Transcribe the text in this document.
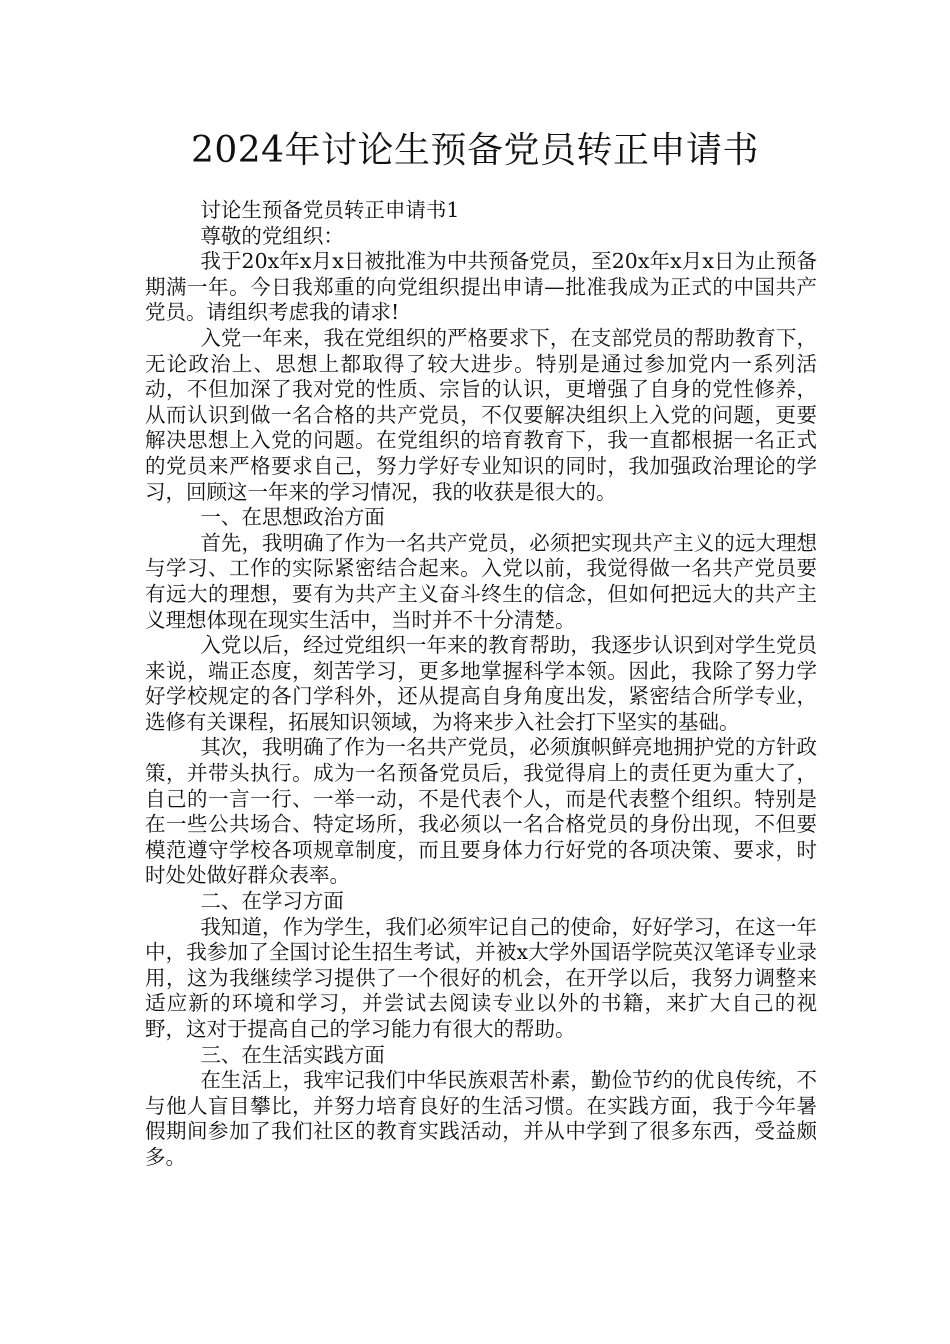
2024年讨论生预备党员转正申请书

讨论生预备党员转正申请书1

尊敬的党组织：

我于20x年x月x日被批准为中共预备党员，至20x年x月x日为止预备期满一年。今日我郑重的向党组织提出申请—批准我成为正式的中国共产党员。请组织考虑我的请求!

入党一年来，我在党组织的严格要求下，在支部党员的帮助教育下，无论政治上、思想上都取得了较大进步。特别是通过参加党内一系列活动，不但加深了我对党的性质、宗旨的认识，更增强了自身的党性修养，从而认识到做一名合格的共产党员，不仅要解决组织上入党的问题，更要解决思想上入党的问题。在党组织的培育教育下，我一直都根据一名正式的党员来严格要求自己，努力学好专业知识的同时，我加强政治理论的学习，回顾这一年来的学习情况，我的收获是很大的。

一、在思想政治方面

首先，我明确了作为一名共产党员，必须把实现共产主义的远大理想与学习、工作的实际紧密结合起来。入党以前，我觉得做一名共产党员要有远大的理想，要有为共产主义奋斗终生的信念，但如何把远大的共产主义理想体现在现实生活中，当时并不十分清楚。

入党以后，经过党组织一年来的教育帮助，我逐步认识到对学生党员来说，端正态度，刻苦学习，更多地掌握科学本领。因此，我除了努力学好学校规定的各门学科外，还从提高自身角度出发，紧密结合所学专业，选修有关课程，拓展知识领域，为将来步入社会打下坚实的基础。

其次，我明确了作为一名共产党员，必须旗帜鲜亮地拥护党的方针政策，并带头执行。成为一名预备党员后，我觉得肩上的责任更为重大了，自己的一言一行、一举一动，不是代表个人，而是代表整个组织。特别是在一些公共场合、特定场所，我必须以一名合格党员的身份出现，不但要模范遵守学校各项规章制度，而且要身体力行好党的各项决策、要求，时时处处做好群众表率。

二、在学习方面

我知道，作为学生，我们必须牢记自己的使命，好好学习，在这一年中，我参加了全国讨论生招生考试，并被x大学外国语学院英汉笔译专业录用，这为我继续学习提供了一个很好的机会，在开学以后，我努力调整来适应新的环境和学习，并尝试去阅读专业以外的书籍，来扩大自己的视野，这对于提高自己的学习能力有很大的帮助。

三、在生活实践方面

在生活上，我牢记我们中华民族艰苦朴素，勤俭节约的优良传统，不与他人盲目攀比，并努力培育良好的生活习惯。在实践方面，我于今年暑假期间参加了我们社区的教育实践活动，并从中学到了很多东西，受益颇多。
